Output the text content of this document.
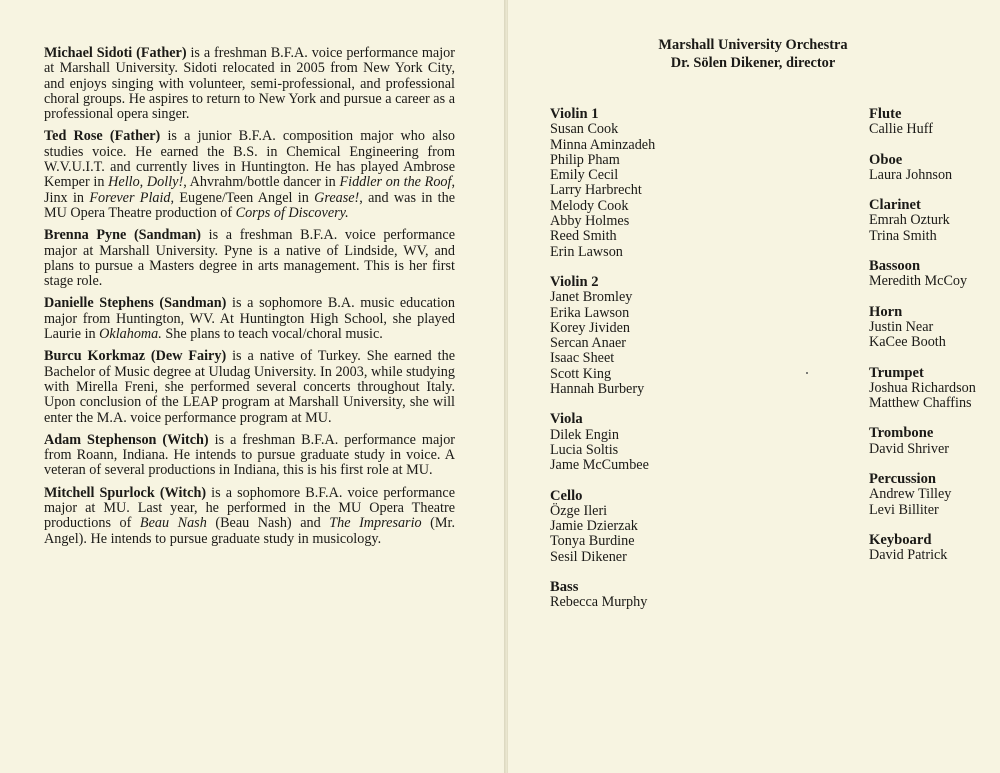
Michael Sidoti (Father) is a freshman B.F.A. voice performance major at Marshall University. Sidoti relocated in 2005 from New York City, and enjoys singing with volunteer, semi-professional, and professional choral groups. He aspires to return to New York and pursue a career as a professional opera singer.

Ted Rose (Father) is a junior B.F.A. composition major who also studies voice. He earned the B.S. in Chemical Engineering from W.V.U.I.T. and currently lives in Huntington. He has played Ambrose Kemper in Hello, Dolly!, Ahvrahm/bottle dancer in Fiddler on the Roof, Jinx in Forever Plaid, Eugene/Teen Angel in Grease!, and was in the MU Opera Theatre production of Corps of Discovery.

Brenna Pyne (Sandman) is a freshman B.F.A. voice performance major at Marshall University. Pyne is a native of Lindside, WV, and plans to pursue a Masters degree in arts management. This is her first stage role.

Danielle Stephens (Sandman) is a sophomore B.A. music education major from Huntington, WV. At Huntington High School, she played Laurie in Oklahoma. She plans to teach vocal/choral music.

Burcu Korkmaz (Dew Fairy) is a native of Turkey. She earned the Bachelor of Music degree at Uludag University. In 2003, while studying with Mirella Freni, she performed several concerts throughout Italy. Upon conclusion of the LEAP program at Marshall University, she will enter the M.A. voice performance program at MU.

Adam Stephenson (Witch) is a freshman B.F.A. performance major from Roann, Indiana. He intends to pursue graduate study in voice. A veteran of several productions in Indiana, this is his first role at MU.

Mitchell Spurlock (Witch) is a sophomore B.F.A. voice performance major at MU. Last year, he performed in the MU Opera Theatre productions of Beau Nash (Beau Nash) and The Impresario (Mr. Angel). He intends to pursue graduate study in musicology.

Marshall University Orchestra
Dr. Sölen Dikener, director
Violin 1
Susan Cook
Minna Aminzadeh
Philip Pham
Emily Cecil
Larry Harbrecht
Melody Cook
Abby Holmes
Reed Smith
Erin Lawson
Violin 2
Janet Bromley
Erika Lawson
Korey Jividen
Sercan Anaer
Isaac Sheet
Scott King
Hannah Burbery
Viola
Dilek Engin
Lucia Soltis
Jame McCumbee
Cello
Özge Ileri
Jamie Dzierzak
Tonya Burdine
Sesil Dikener
Bass
Rebecca Murphy
Flute
Callie Huff
Oboe
Laura Johnson
Clarinet
Emrah Ozturk
Trina Smith
Bassoon
Meredith McCoy
Horn
Justin Near
KaCee Booth
Trumpet
Joshua Richardson
Matthew Chaffins
Trombone
David Shriver
Percussion
Andrew Tilley
Levi Billiter
Keyboard
David Patrick
